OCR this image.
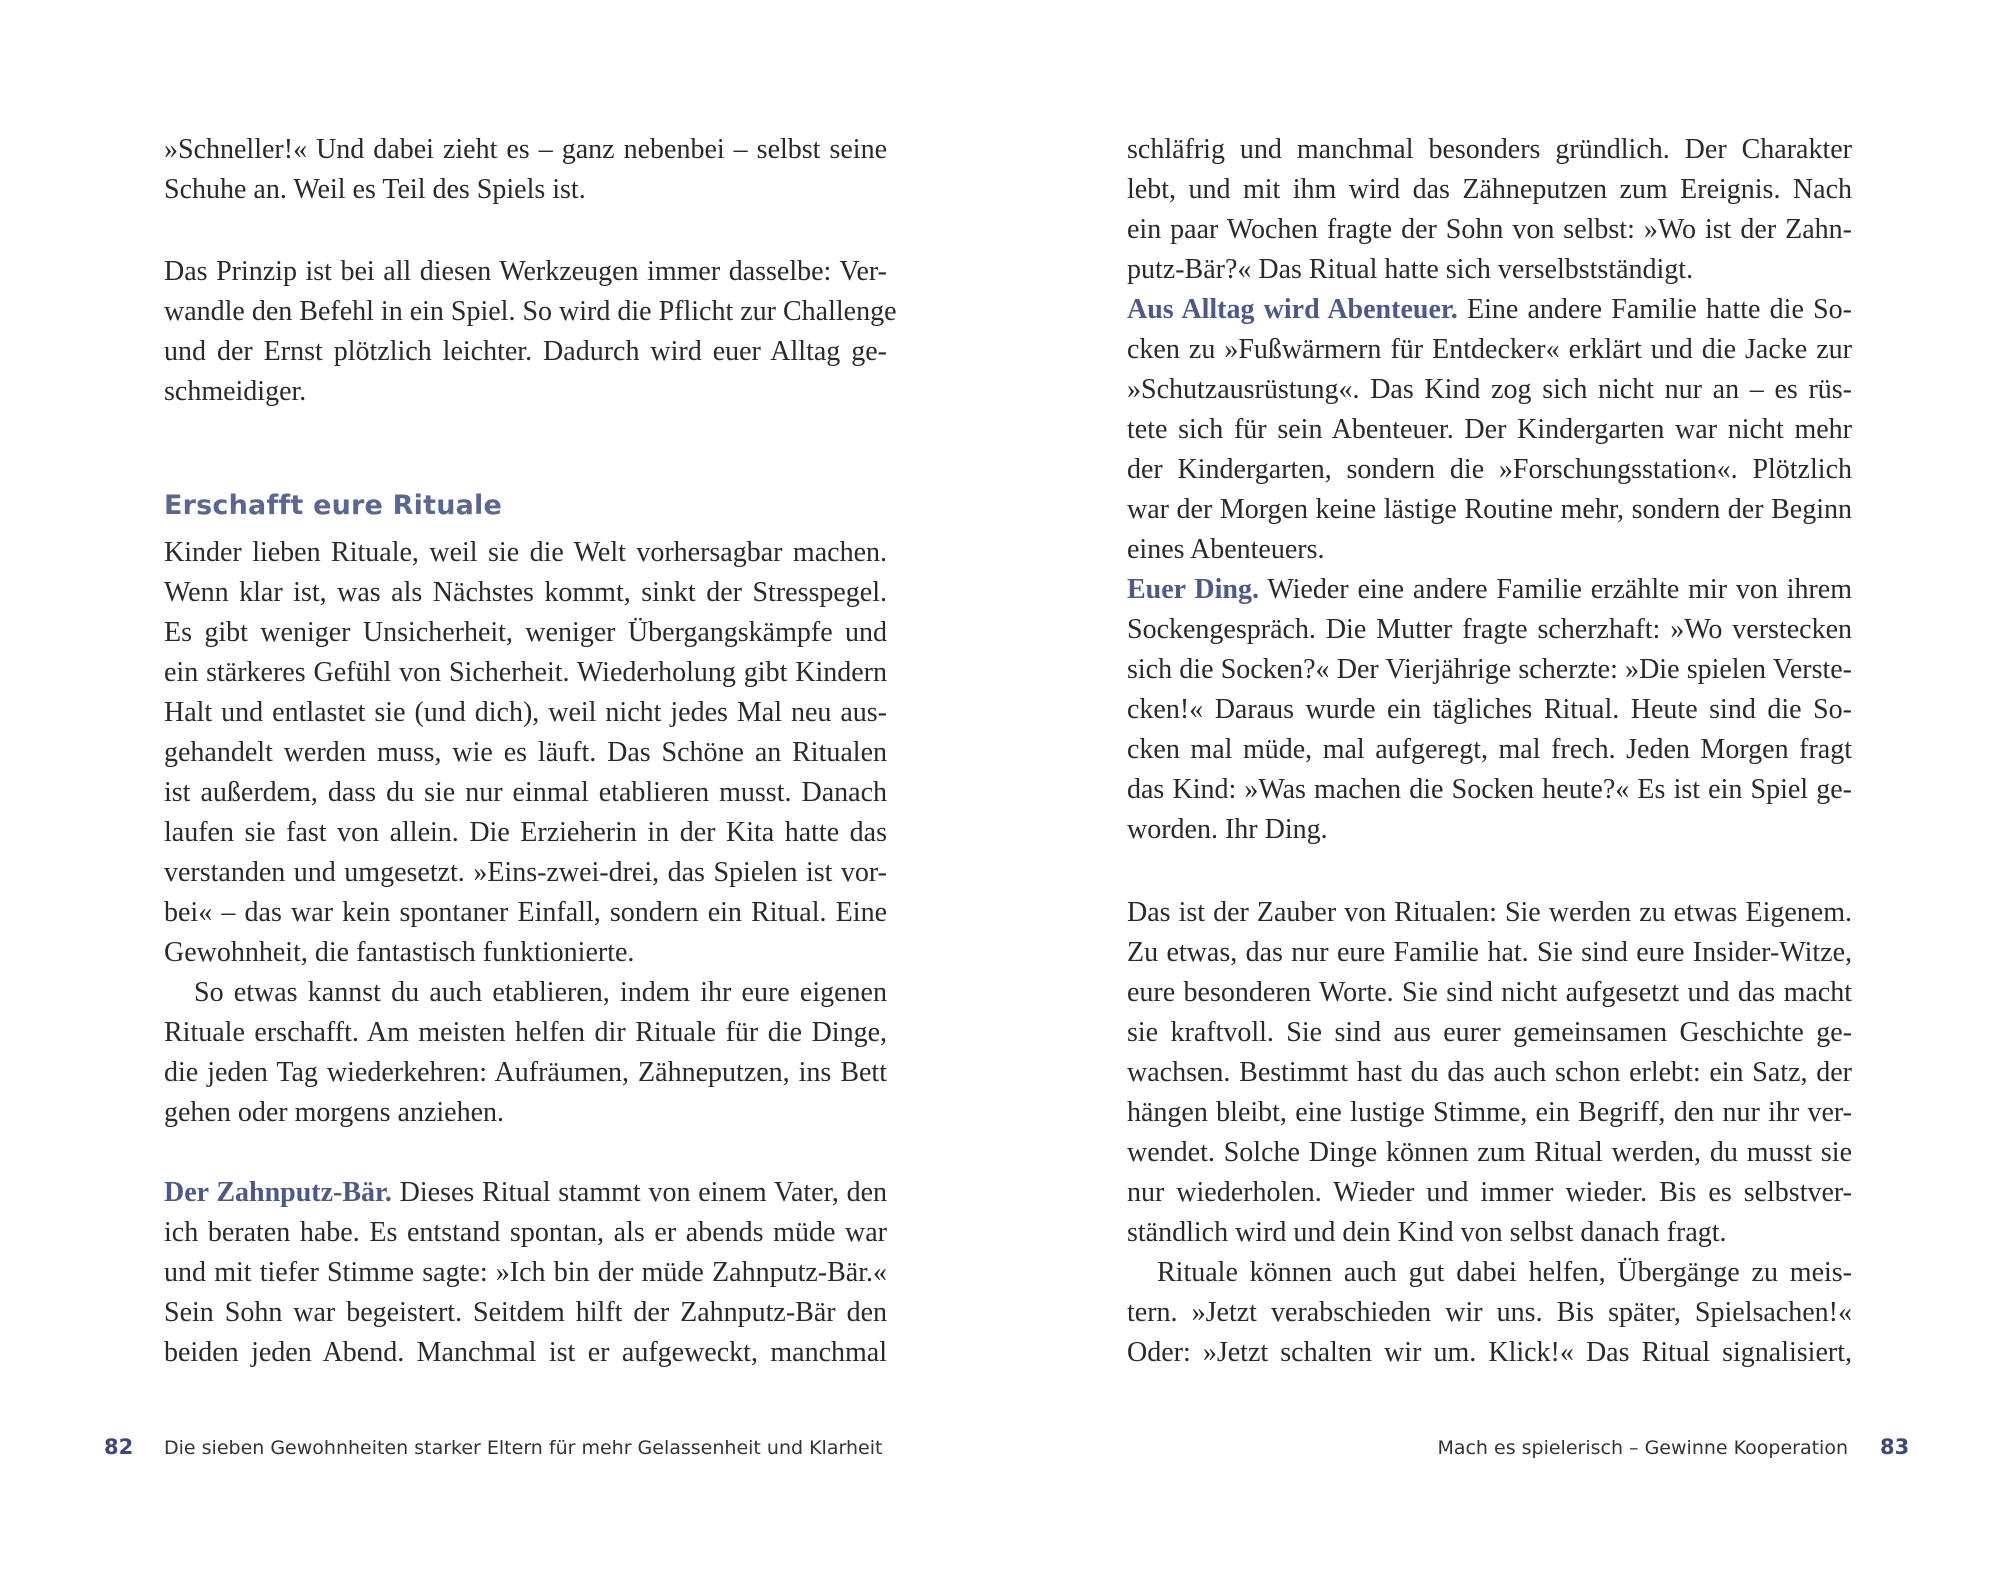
»Schneller!« Und dabei zieht es – ganz nebenbei – selbst seine
Schuhe an. Weil es Teil des Spiels ist.
Das Prinzip ist bei all diesen Werkzeugen immer dasselbe: Ver-
wandle den Befehl in ein Spiel. So wird die Pflicht zur Challenge
und der Ernst plötzlich leichter. Dadurch wird euer Alltag ge-
schmeidiger.
Erschafft eure Rituale
Kinder lieben Rituale, weil sie die Welt vorhersagbar machen.
Wenn klar ist, was als Nächstes kommt, sinkt der Stresspegel.
Es gibt weniger Unsicherheit, weniger Übergangskämpfe und
ein stärkeres Gefühl von Sicherheit. Wiederholung gibt Kindern
Halt und entlastet sie (und dich), weil nicht jedes Mal neu aus-
gehandelt werden muss, wie es läuft. Das Schöne an Ritualen
ist außerdem, dass du sie nur einmal etablieren musst. Danach
laufen sie fast von allein. Die Erzieherin in der Kita hatte das
verstanden und umgesetzt. »Eins-zwei-drei, das Spielen ist vor-
bei« – das war kein spontaner Einfall, sondern ein Ritual. Eine
Gewohnheit, die fantastisch funktionierte.
So etwas kannst du auch etablieren, indem ihr eure eigenen
Rituale erschafft. Am meisten helfen dir Rituale für die Dinge,
die jeden Tag wiederkehren: Aufräumen, Zähneputzen, ins Bett
gehen oder morgens anziehen.
Der Zahnputz-Bär. Dieses Ritual stammt von einem Vater, den
ich beraten habe. Es entstand spontan, als er abends müde war
und mit tiefer Stimme sagte: »Ich bin der müde Zahnputz-Bär.«
Sein Sohn war begeistert. Seitdem hilft der Zahnputz-Bär den
beiden jeden Abend. Manchmal ist er aufgeweckt, manchmal
82 Die sieben Gewohnheiten starker Eltern für mehr Gelassenheit und Klarheit
schläfrig und manchmal besonders gründlich. Der Charakter
lebt, und mit ihm wird das Zähneputzen zum Ereignis. Nach
ein paar Wochen fragte der Sohn von selbst: »Wo ist der Zahn-
putz-Bär?« Das Ritual hatte sich verselbstständigt.
Aus Alltag wird Abenteuer. Eine andere Familie hatte die So-
cken zu »Fußwärmern für Entdecker« erklärt und die Jacke zur
»Schutzausrüstung«. Das Kind zog sich nicht nur an – es rüs-
tete sich für sein Abenteuer. Der Kindergarten war nicht mehr
der Kindergarten, sondern die »Forschungsstation«. Plötzlich
war der Morgen keine lästige Routine mehr, sondern der Beginn
eines Abenteuers.
Euer Ding. Wieder eine andere Familie erzählte mir von ihrem
Sockengespräch. Die Mutter fragte scherzhaft: »Wo verstecken
sich die Socken?« Der Vierjährige scherzte: »Die spielen Verste-
cken!« Daraus wurde ein tägliches Ritual. Heute sind die So-
cken mal müde, mal aufgeregt, mal frech. Jeden Morgen fragt
das Kind: »Was machen die Socken heute?« Es ist ein Spiel ge-
worden. Ihr Ding.
Das ist der Zauber von Ritualen: Sie werden zu etwas Eigenem.
Zu etwas, das nur eure Familie hat. Sie sind eure Insider-Witze,
eure besonderen Worte. Sie sind nicht aufgesetzt und das macht
sie kraftvoll. Sie sind aus eurer gemeinsamen Geschichte ge-
wachsen. Bestimmt hast du das auch schon erlebt: ein Satz, der
hängen bleibt, eine lustige Stimme, ein Begriff, den nur ihr ver-
wendet. Solche Dinge können zum Ritual werden, du musst sie
nur wiederholen. Wieder und immer wieder. Bis es selbstver-
ständlich wird und dein Kind von selbst danach fragt.
Rituale können auch gut dabei helfen, Übergänge zu meis-
tern. »Jetzt verabschieden wir uns. Bis später, Spielsachen!«
Oder: »Jetzt schalten wir um. Klick!« Das Ritual signalisiert,
Mach es spielerisch – Gewinne Kooperation 83
